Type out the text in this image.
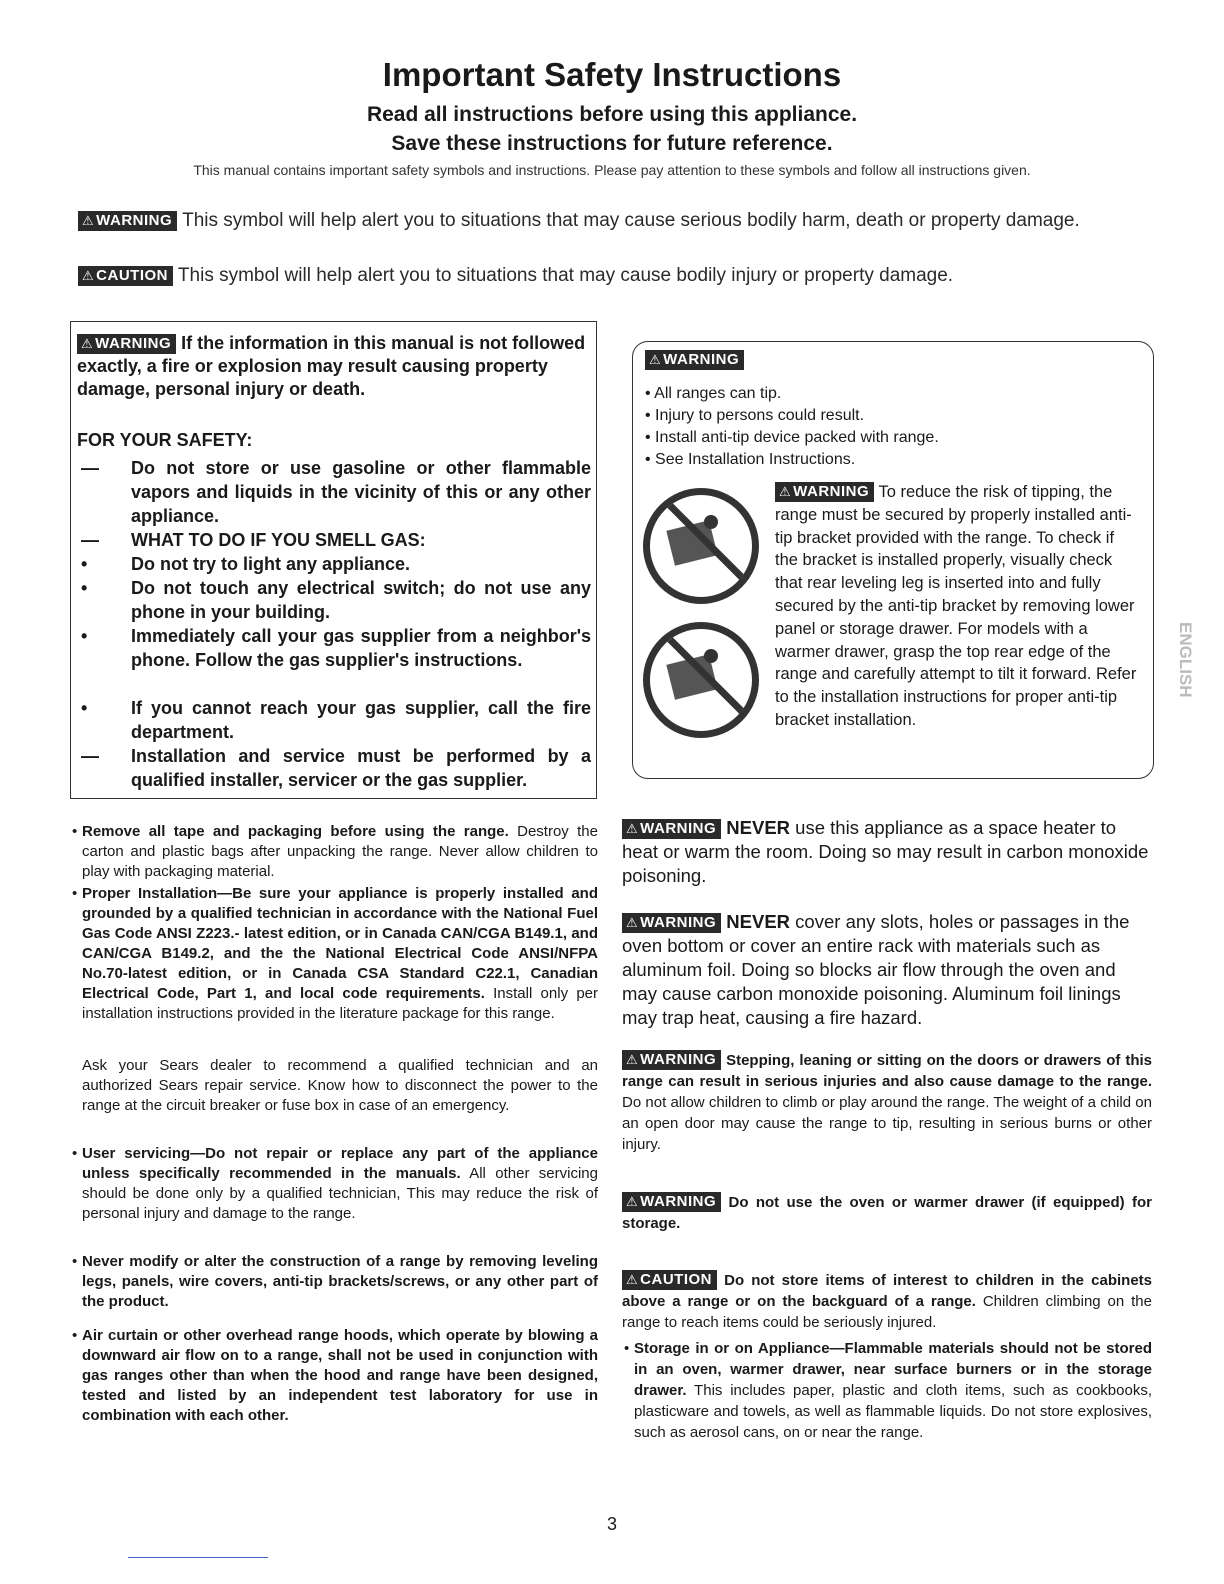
Important Safety Instructions
Read all instructions before using this appliance.
Save these instructions for future reference.
This manual contains important safety symbols and instructions. Please pay attention to these symbols and follow all instructions given.
⚠ WARNING This symbol will help alert you to situations that may cause serious bodily harm, death or property damage.
⚠ CAUTION This symbol will help alert you to situations that may cause bodily injury or property damage.
⚠ WARNING If the information in this manual is not followed exactly, a fire or explosion may result causing property damage, personal injury or death.
FOR YOUR SAFETY:
—	Do not store or use gasoline or other flammable vapors and liquids in the vicinity of this or any other appliance.
—	WHAT TO DO IF YOU SMELL GAS:
•	Do not try to light any appliance.
•	Do not touch any electrical switch; do not use any phone in your building.
•	Immediately call your gas supplier from a neighbor's phone. Follow the gas supplier's instructions.
•	If you cannot reach your gas supplier, call the fire department.
—	Installation and service must be performed by a qualified installer, servicer or the gas supplier.
⚠ WARNING
• All ranges can tip.
• Injury to persons could result.
• Install anti-tip device packed with range.
• See Installation Instructions.
⚠ WARNING To reduce the risk of tipping, the range must be secured by properly installed anti-tip bracket provided with the range. To check if the bracket is installed properly, visually check that rear leveling leg is inserted into and fully secured by the anti-tip bracket by removing lower panel or storage drawer. For models with a warmer drawer, grasp the top rear edge of the range and carefully attempt to tilt it forward. Refer to the installation instructions for proper anti-tip bracket installation.
ENGLISH
• Remove all tape and packaging before using the range. Destroy the carton and plastic bags after unpacking the range. Never allow children to play with packaging material.
• Proper Installation—Be sure your appliance is properly installed and grounded by a qualified technician in accordance with the National Fuel Gas Code ANSI Z223.- latest edition, or in Canada CAN/CGA B149.1, and CAN/CGA B149.2, and the the National Electrical Code ANSI/NFPA No.70-latest edition, or in Canada CSA Standard C22.1, Canadian Electrical Code, Part 1, and local code requirements. Install only per installation instructions provided in the literature package for this range.
Ask your Sears dealer to recommend a qualified technician and an authorized Sears repair service. Know how to disconnect the power to the range at the circuit breaker or fuse box in case of an emergency.
• User servicing—Do not repair or replace any part of the appliance unless specifically recommended in the manuals. All other servicing should be done only by a qualified technician, This may reduce the risk of personal injury and damage to the range.
• Never modify or alter the construction of a range by removing leveling legs, panels, wire covers, anti-tip brackets/screws, or any other part of the product.
• Air curtain or other overhead range hoods, which operate by blowing a downward air flow on to a range, shall not be used in conjunction with gas ranges other than when the hood and range have been designed, tested and listed by an independent test laboratory for use in combination with each other.
⚠ WARNING NEVER use this appliance as a space heater to heat or warm the room. Doing so may result in carbon monoxide poisoning.
⚠ WARNING NEVER cover any slots, holes or passages in the oven bottom or cover an entire rack with materials such as aluminum foil. Doing so blocks air flow through the oven and may cause carbon monoxide poisoning. Aluminum foil linings may trap heat, causing a fire hazard.
⚠ WARNING Stepping, leaning or sitting on the doors or drawers of this range can result in serious injuries and also cause damage to the range. Do not allow children to climb or play around the range. The weight of a child on an open door may cause the range to tip, resulting in serious burns or other injury.
⚠ WARNING Do not use the oven or warmer drawer (if equipped) for storage.
⚠ CAUTION Do not store items of interest to children in the cabinets above a range or on the backguard of a range. Children climbing on the range to reach items could be seriously injured.
• Storage in or on Appliance—Flammable materials should not be stored in an oven, warmer drawer, near surface burners or in the storage drawer. This includes paper, plastic and cloth items, such as cookbooks, plasticware and towels, as well as flammable liquids. Do not store explosives, such as aerosol cans, on or near the range.
3
